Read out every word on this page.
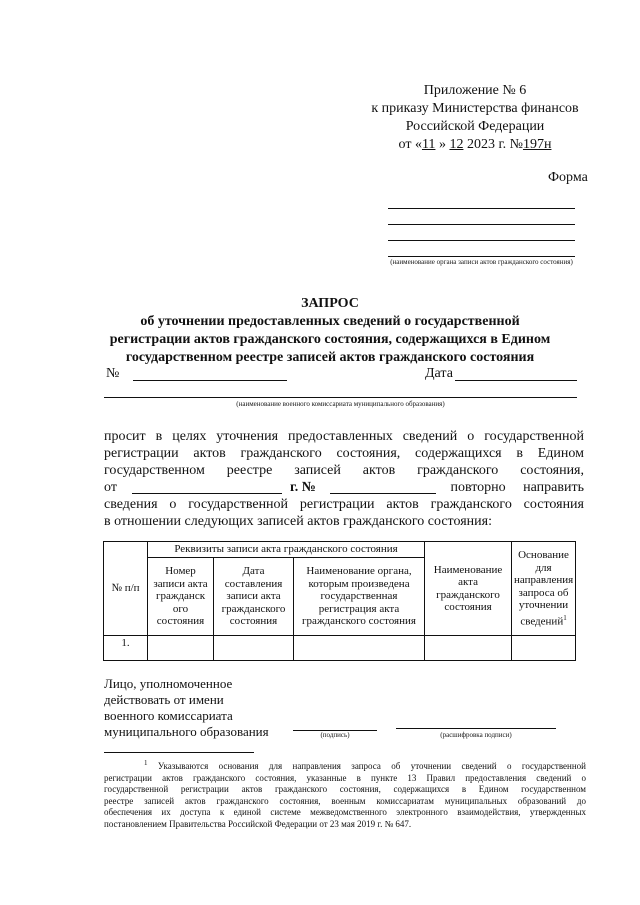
Приложение № 6
к приказу Министерства финансов
Российской Федерации
от «11 » 12 2023 г. №197н
Форма
(наименование органа записи актов гражданского состояния)
ЗАПРОС
об уточнении предоставленных сведений о государственной
регистрации актов гражданского состояния, содержащихся в Едином
государственном реестре записей актов гражданского состояния
№	Дата
(наименование военного комиссариата муниципального образования)
просит в целях уточнения предоставленных сведений о государственной
регистрации актов гражданского состояния, содержащихся в Едином
государственном реестре записей актов гражданского состояния,
от	г. №	повторно направить
сведения о государственной регистрации актов гражданского состояния
в отношении следующих записей актов гражданского состояния:
№ п/п	Реквизиты записи акта гражданского состояния			Наименование акта гражданского состояния	Основание для направления запроса об уточнении сведений$^1$
	Номер записи акта гражданск ого состояния	Дата составления записи акта гражданского состояния	Наименование органа, которым произведена государственная регистрация акта гражданского состояния		
1.					
Лицо, уполномоченное
действовать от имени
военного комиссариата
муниципального образования	(подпись)	(расшифровка подписи)
$^1$ Указываются основания для направления запроса об уточнении сведений о государственной
регистрации актов гражданского состояния, указанные в пункте 13 Правил предоставления сведений о
государственной регистрации актов гражданского состояния, содержащихся в Едином государственном
реестре записей актов гражданского состояния, военным комиссариатам муниципальных образований до
обеспечения их доступа к единой системе межведомственного электронного взаимодействия, утвержденных
постановлением Правительства Российской Федерации от 23 мая 2019 г. № 647.
